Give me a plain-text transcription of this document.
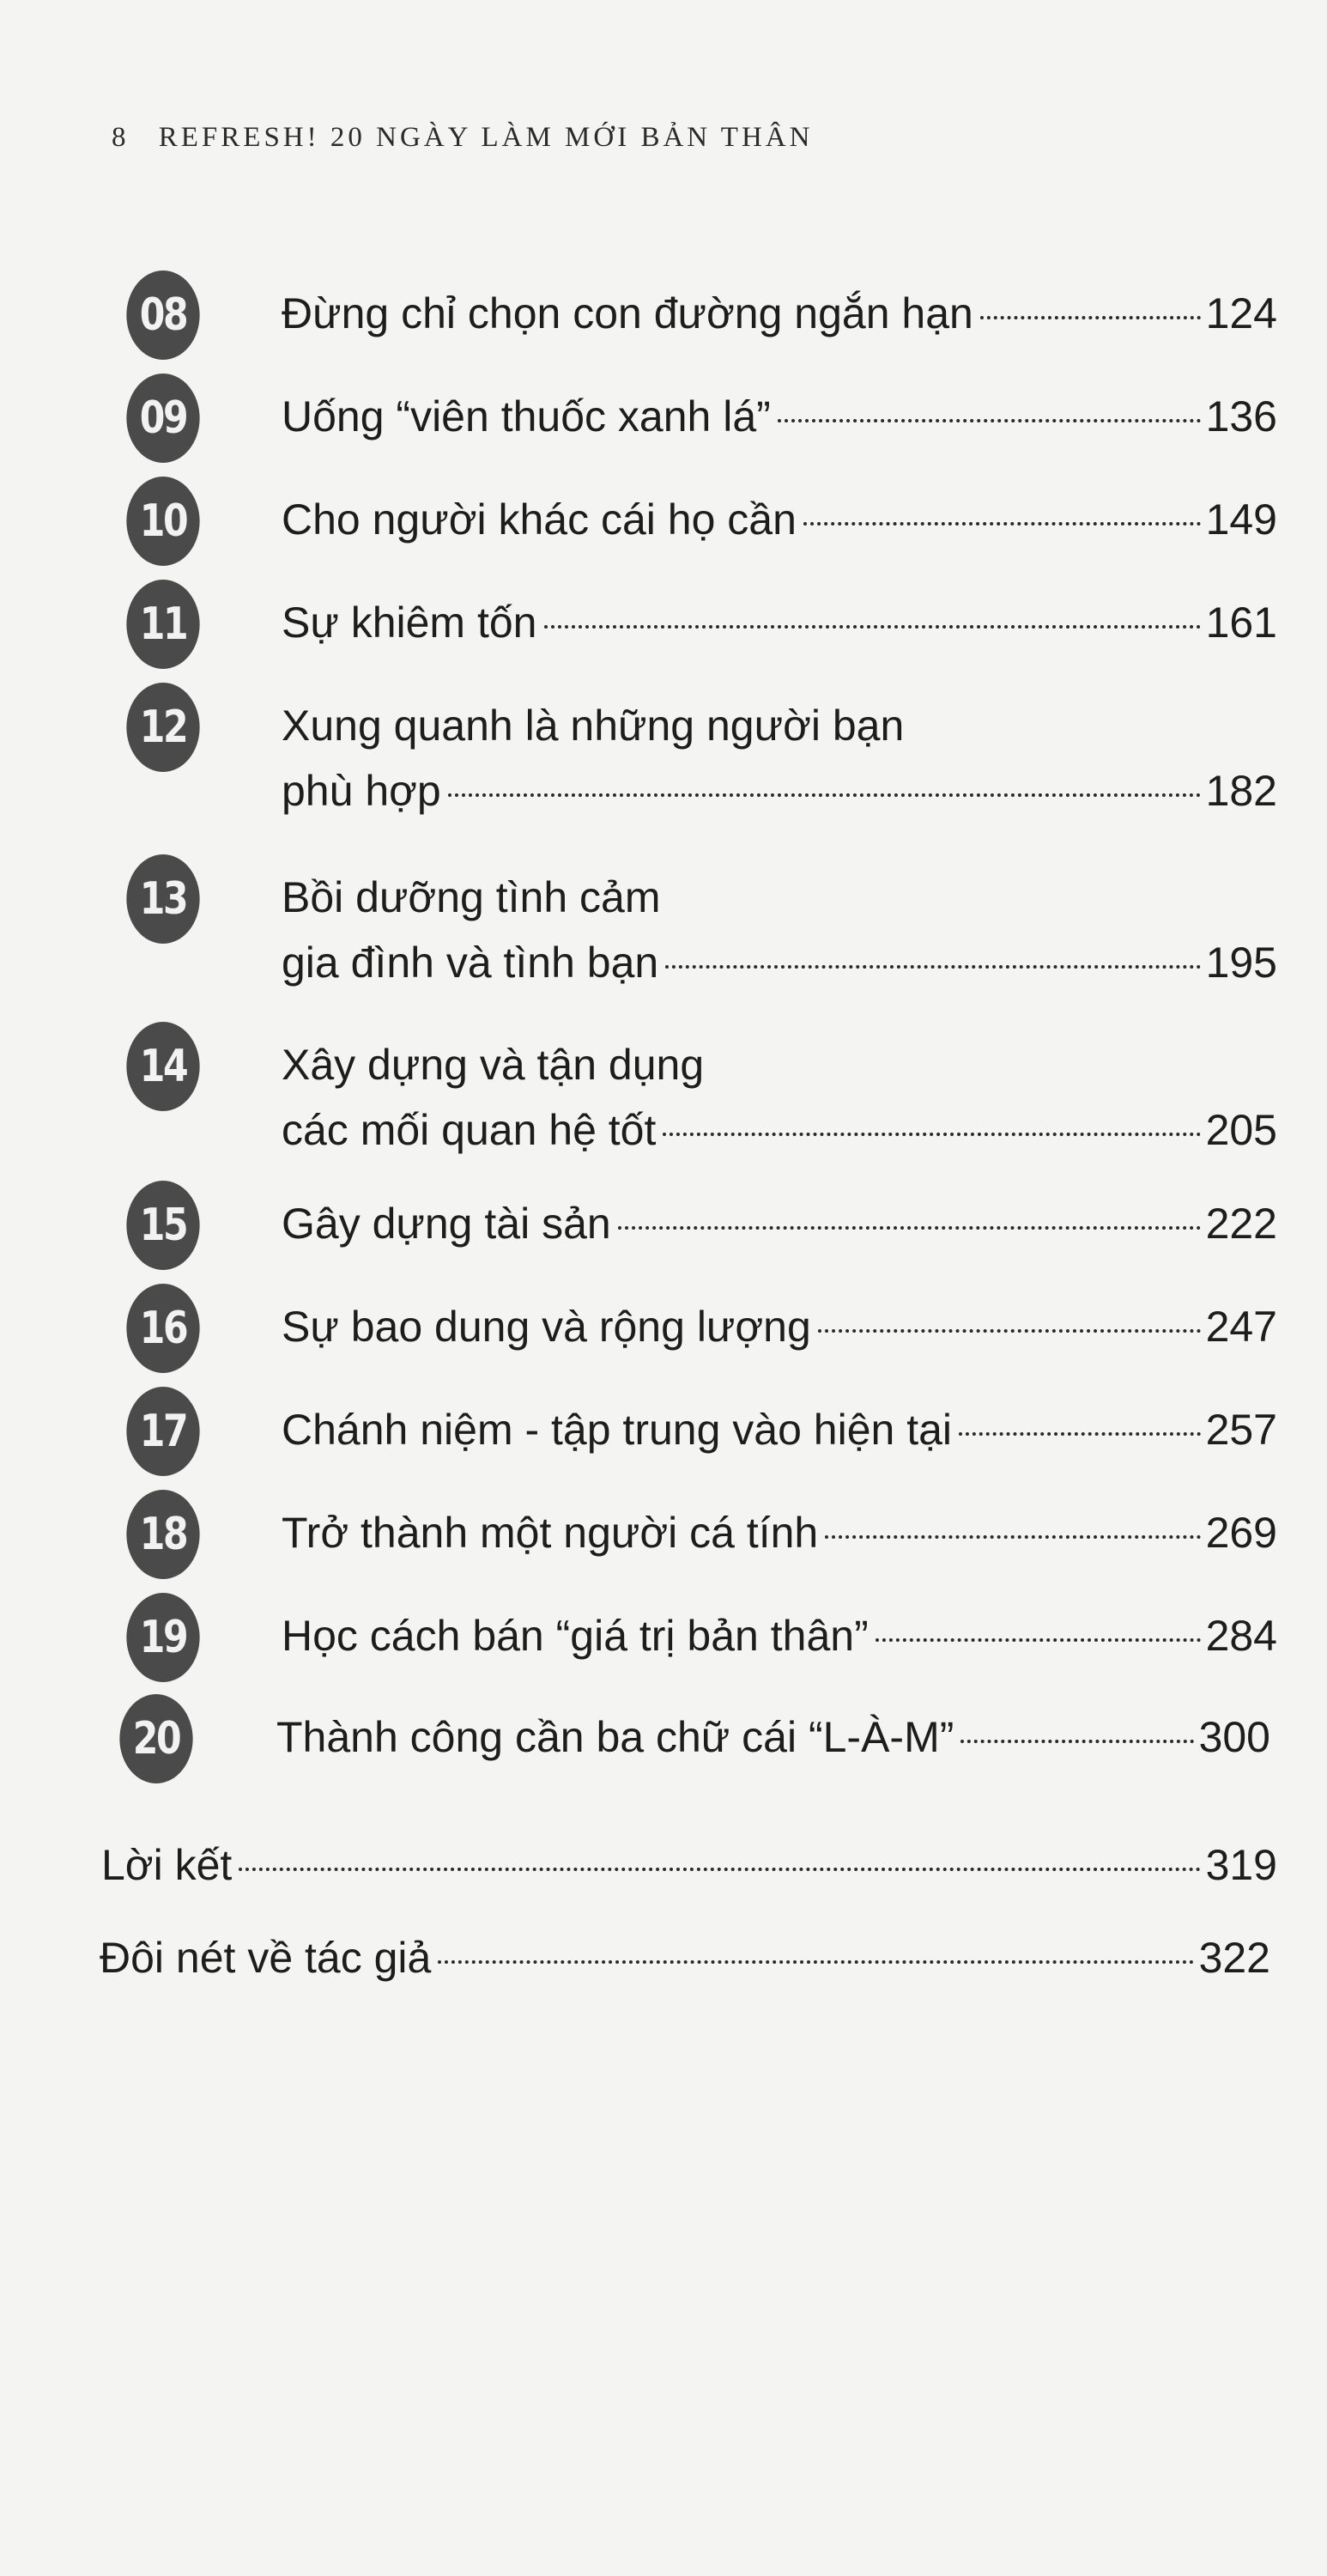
8 REFRESH! 20 NGÀY LÀM MỚI BẢN THÂN
08	Đừng chỉ chọn con đường ngắn hạn	124
09	Uống “viên thuốc xanh lá”	136
10	Cho người khác cái họ cần	149
11	Sự khiêm tốn	161
12	Xung quanh là những người bạn
phù hợp	182
13	Bồi dưỡng tình cảm
gia đình và tình bạn	195
14	Xây dựng và tận dụng
các mối quan hệ tốt	205
15	Gây dựng tài sản	222
16	Sự bao dung và rộng lượng	247
17	Chánh niệm - tập trung vào hiện tại	257
18	Trở thành một người cá tính	269
19	Học cách bán “giá trị bản thân”	284
20	Thành công cần ba chữ cái “L-À-M”	300
Lời kết	319
Đôi nét về tác giả	322
